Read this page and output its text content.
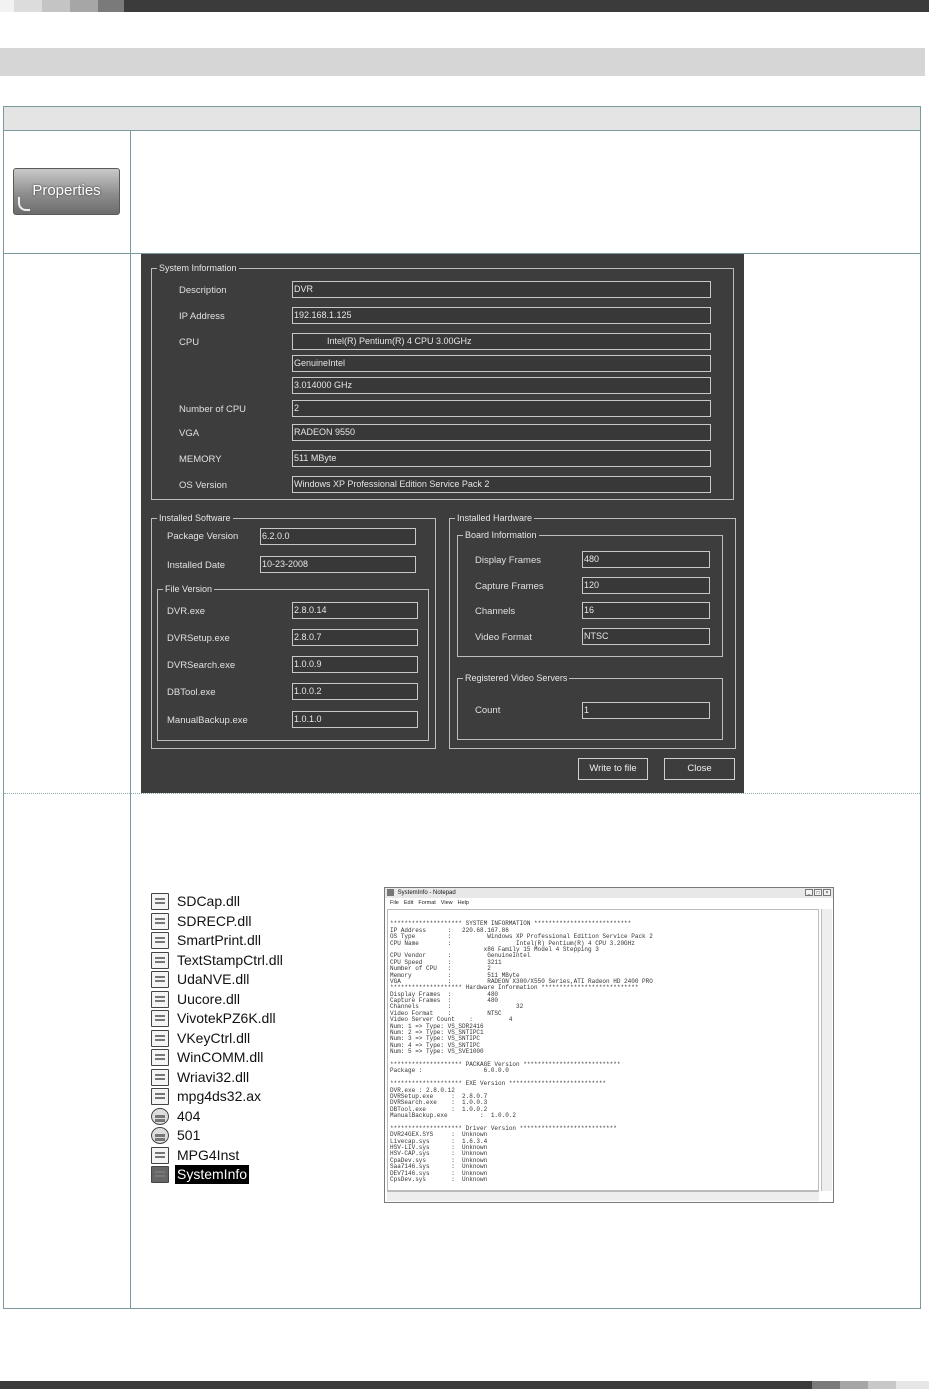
Properties
System Information
Description	DVR
IP Address	192.168.1.125
CPU	Intel(R) Pentium(R) 4 CPU 3.00GHz
GenuineIntel
3.014000 GHz
Number of CPU	2
VGA	RADEON 9550
MEMORY	511 MByte
OS Version	Windows XP Professional Edition Service Pack 2
Installed Software
Package Version	6.2.0.0
Installed Date	10-23-2008
File Version
DVR.exe	2.8.0.14
DVRSetup.exe	2.8.0.7
DVRSearch.exe	1.0.0.9
DBTool.exe	1.0.0.2
ManualBackup.exe	1.0.1.0
Installed Hardware
Board Information
Display Frames	480
Capture Frames	120
Channels	16
Video Format	NTSC
Registered Video Servers
Count	1
Write to file	Close
SDCap.dll
SDRECP.dll
SmartPrint.dll
TextStampCtrl.dll
UdaNVE.dll
Uucore.dll
VivotekPZ6K.dll
VKeyCtrl.dll
WinCOMM.dll
Wriavi32.dll
mpg4ds32.ax
404
501
MPG4Inst
SystemInfo
SystemInfo - Notepad	_	□	×
File Edit Format View Help
******************** SYSTEM INFORMATION ***************************
IP Address      :   220.68.167.86
OS Type         :          Windows XP Professional Edition Service Pack 2
CPU Name        :                  Intel(R) Pentium(R) 4 CPU 3.20GHz
x86 Family 15 Model 4 Stepping 3
CPU Vendor      :          GenuineIntel
CPU Speed       :          3211
Number of CPU   :          2
Memory          :          511 MByte
VGA             :          RADEON X300/X550 Series,ATI Radeon HD 2400 PRO
******************** Hardware Information ***************************
Display Frames  :          480
Capture Frames  :          480
Channels        :                  32
Video Format    :          NTSC
Video Server Count    :          4
Num: 1 => Type: VS_SDR2416
Num: 2 => Type: VS_SNTIPC1
Num: 3 => Type: VS_SNTIPC
Num: 4 => Type: VS_SNTIPC
Num: 5 => Type: VS_SVE1000
******************** PACKAGE Version ***************************
Package :                 6.0.0.0
******************** EXE Version ***************************
DVR.exe : 2.8.0.12
DVRSetup.exe     :  2.8.0.7
DVRSearch.exe    :  1.0.0.3
DBTool.exe       :  1.0.0.2
ManualBackup.exe         :  1.0.0.2
******************** Driver Version ***************************
DVR24GEX.SYS     :  Unknown
Livecap.sys      :  1.6.3.4
HSV-LIV.sys      :  Unknown
HSV-CAP.sys      :  Unknown
CpaDev.sys       :  Unknown
Saa7146.sys      :  Unknown
DEV7146.sys      :  Unknown
CpsDev.sys       :  Unknown
